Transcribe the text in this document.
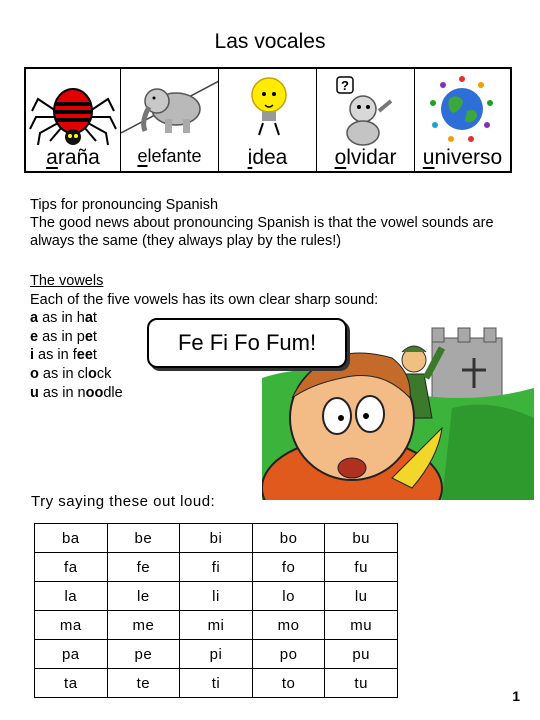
Las vocales
araña	elefante	idea
?
olvidar	universo
Tips for pronouncing Spanish
The good news about pronouncing Spanish is that the vowel sounds are always the same (they always play by the rules!)
The vowels
Each of the five vowels has its own clear sharp sound:
a as in hat
e as in pet
i as in feet
o as in clock
u as in noodle
Fe Fi Fo Fum!
Try saying these out loud:
ba	be	bi	bo	bu
fa	fe	fi	fo	fu
la	le	li	lo	lu
ma	me	mi	mo	mu
pa	pe	pi	po	pu
ta	te	ti	to	tu
1
